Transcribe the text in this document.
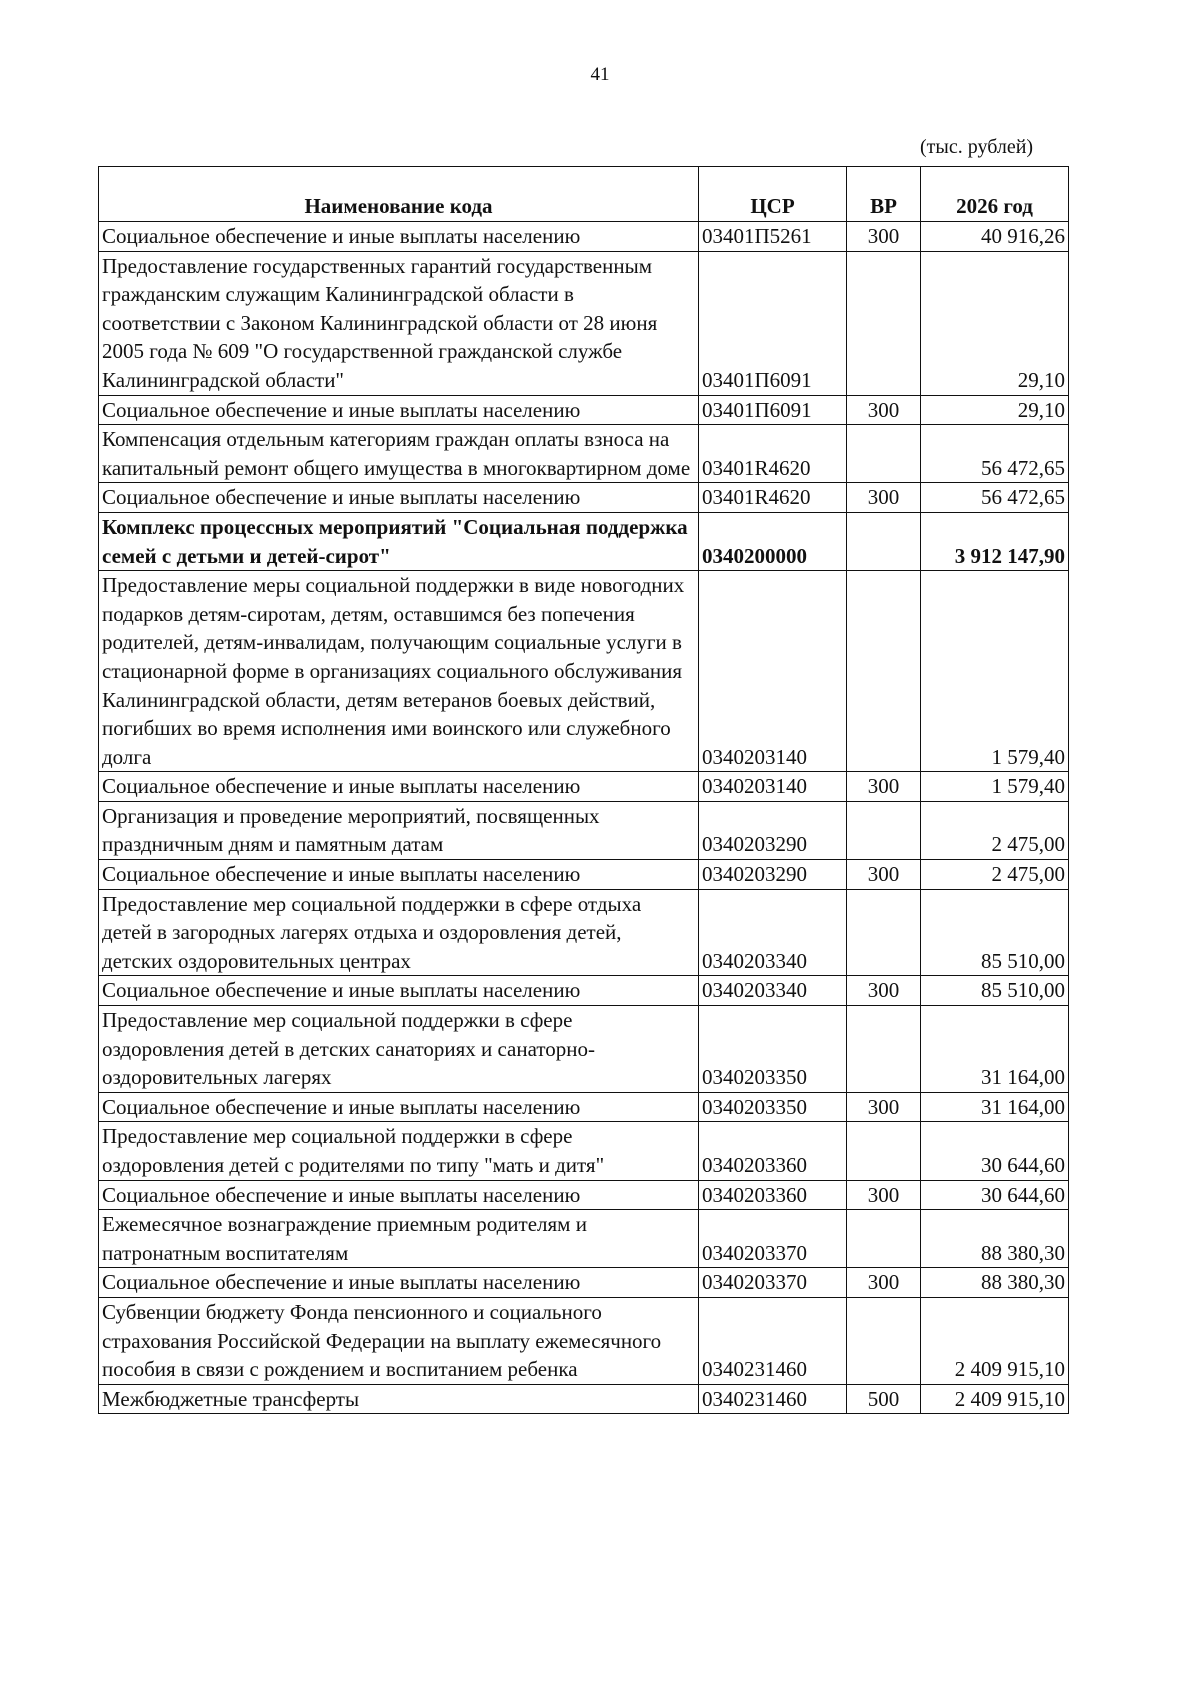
41
(тыс. рублей)
Наименование кода	ЦСР	ВР	2026 год
Социальное обеспечение и иные выплаты населению	03401П5261	300	40 916,26
Предоставление государственных гарантий государственным гражданским служащим Калининградской области в соответствии с Законом Калининградской области от 28 июня 2005 года № 609 "О государственной гражданской службе Калининградской области"	03401П6091		29,10
Социальное обеспечение и иные выплаты населению	03401П6091	300	29,10
Компенсация отдельным категориям граждан оплаты взноса на капитальный ремонт общего имущества в многоквартирном доме	03401R4620		56 472,65
Социальное обеспечение и иные выплаты населению	03401R4620	300	56 472,65
Комплекс процессных мероприятий "Социальная поддержка семей с детьми и детей-сирот"	0340200000		3 912 147,90
Предоставление меры социальной поддержки в виде новогодних подарков детям-сиротам, детям, оставшимся без попечения родителей, детям-инвалидам, получающим социальные услуги в стационарной форме в организациях социального обслуживания Калининградской области, детям ветеранов боевых действий, погибших во время исполнения ими воинского или служебного долга	0340203140		1 579,40
Социальное обеспечение и иные выплаты населению	0340203140	300	1 579,40
Организация и проведение мероприятий, посвященных праздничным дням и памятным датам	0340203290		2 475,00
Социальное обеспечение и иные выплаты населению	0340203290	300	2 475,00
Предоставление мер социальной поддержки в сфере отдыха детей в загородных лагерях отдыха и оздоровления детей, детских оздоровительных центрах	0340203340		85 510,00
Социальное обеспечение и иные выплаты населению	0340203340	300	85 510,00
Предоставление мер социальной поддержки в сфере оздоровления детей в детских санаториях и санаторно-оздоровительных лагерях	0340203350		31 164,00
Социальное обеспечение и иные выплаты населению	0340203350	300	31 164,00
Предоставление мер социальной поддержки в сфере оздоровления детей с родителями по типу "мать и дитя"	0340203360		30 644,60
Социальное обеспечение и иные выплаты населению	0340203360	300	30 644,60
Ежемесячное вознаграждение приемным родителям и патронатным воспитателям	0340203370		88 380,30
Социальное обеспечение и иные выплаты населению	0340203370	300	88 380,30
Субвенции бюджету Фонда пенсионного и социального страхования Российской Федерации на выплату ежемесячного пособия в связи с рождением и воспитанием ребенка	0340231460		2 409 915,10
Межбюджетные трансферты	0340231460	500	2 409 915,10
